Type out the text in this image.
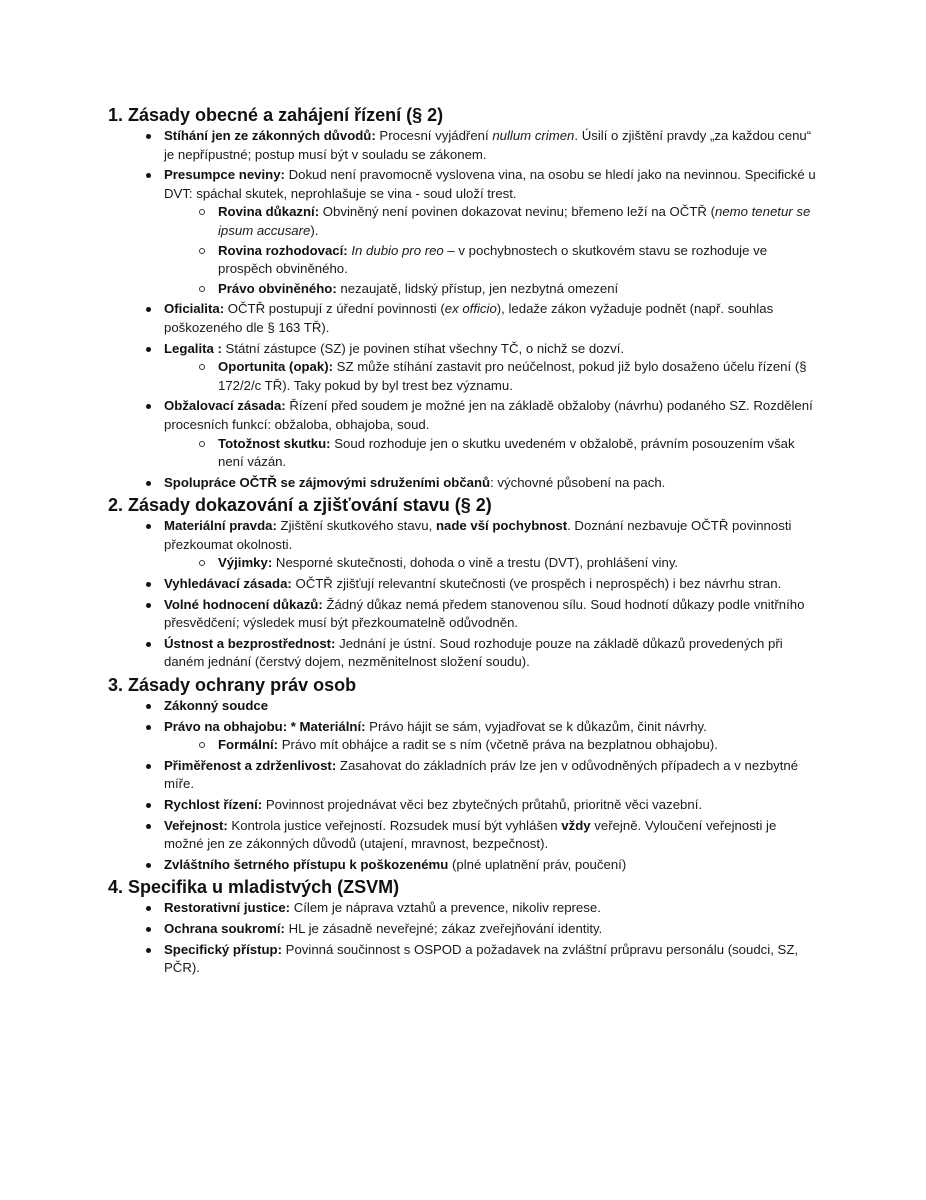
1. Zásady obecné a zahájení řízení (§ 2)
Stíhání jen ze zákonných důvodů: Procesní vyjádření nullum crimen. Úsilí o zjištění pravdy „za každou cenu“ je nepřípustné; postup musí být v souladu se zákonem.
Presumpce neviny: Dokud není pravomocně vyslovena vina, na osobu se hledí jako na nevinnou. Specifické u DVT: spáchal skutek, neprohlašuje se vina - soud uloží trest.
Rovina důkazní: Obviněný není povinen dokazovat nevinu; břemeno leží na OČTŘ (nemo tenetur se ipsum accusare).
Rovina rozhodovací: In dubio pro reo – v pochybnostech o skutkovém stavu se rozhoduje ve prospěch obviněného.
Právo obviněného: nezaujatě, lidský přístup, jen nezbytná omezení
Oficialita: OČTŘ postupují z úřední povinnosti (ex officio), ledaže zákon vyžaduje podnět (např. souhlas poškozeného dle § 163 TŘ).
Legalita : Státní zástupce (SZ) je povinen stíhat všechny TČ, o nichž se dozví.
Oportunita (opak): SZ může stíhání zastavit pro neúčelnost, pokud již bylo dosaženo účelu řízení (§ 172/2/c TŘ). Taky pokud by byl trest bez významu.
Obžalovací zásada: Řízení před soudem je možné jen na základě obžaloby (návrhu) podaného SZ. Rozdělení procesních funkcí: obžaloba, obhajoba, soud.
Totožnost skutku: Soud rozhoduje jen o skutku uvedeném v obžalobě, právním posouzením však není vázán.
Spolupráce OČTŘ se zájmovými sdruženími občanů: výchovné působení na pach.
2. Zásady dokazování a zjišťování stavu (§ 2)
Materiální pravda: Zjištění skutkového stavu, nade vší pochybnost. Doznání nezbavuje OČTŘ povinnosti přezkoumat okolnosti.
Výjimky: Nesporné skutečnosti, dohoda o vině a trestu (DVT), prohlášení viny.
Vyhledávací zásada: OČTŘ zjišťují relevantní skutečnosti (ve prospěch i neprospěch) i bez návrhu stran.
Volné hodnocení důkazů: Žádný důkaz nemá předem stanovenou sílu. Soud hodnotí důkazy podle vnitřního přesvědčení; výsledek musí být přezkoumatelně odůvodněn.
Ústnost a bezprostřednost: Jednání je ústní. Soud rozhoduje pouze na základě důkazů provedených při daném jednání (čerstvý dojem, nezměnitelnost složení soudu).
3. Zásady ochrany práv osob
Zákonný soudce
Právo na obhajobu: * Materiální: Právo hájit se sám, vyjadřovat se k důkazům, činit návrhy.
Formální: Právo mít obhájce a radit se s ním (včetně práva na bezplatnou obhajobu).
Přiměřenost a zdrženlivost: Zasahovat do základních práv lze jen v odůvodněných případech a v nezbytné míře.
Rychlost řízení: Povinnost projednávat věci bez zbytečných průtahů, prioritně věci vazební.
Veřejnost: Kontrola justice veřejností. Rozsudek musí být vyhlášen vždy veřejně. Vyloučení veřejnosti je možné jen ze zákonných důvodů (utajení, mravnost, bezpečnost).
Zvláštního šetrného přístupu k poškozenému (plné uplatnění práv, poučení)
4. Specifika u mladistvých (ZSVM)
Restorativní justice: Cílem je náprava vztahů a prevence, nikoliv represe.
Ochrana soukromí: HL je zásadně neveřejné; zákaz zveřejňování identity.
Specifický přístup: Povinná součinnost s OSPOD a požadavek na zvláštní průpravu personálu (soudci, SZ, PČR).
